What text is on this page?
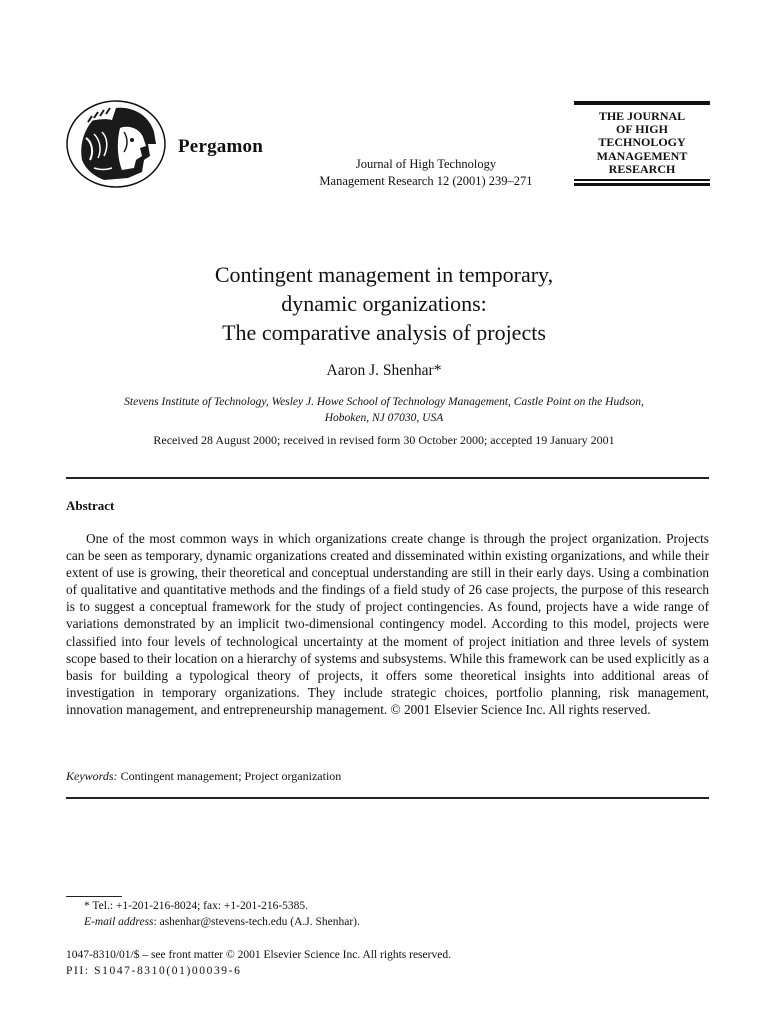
Pergamon
Journal of High Technology
Management Research 12 (2001) 239–271
THE JOURNAL
OF HIGH
TECHNOLOGY
MANAGEMENT
RESEARCH
Contingent management in temporary,
dynamic organizations:
The comparative analysis of projects
Aaron J. Shenhar*
Stevens Institute of Technology, Wesley J. Howe School of Technology Management, Castle Point on the Hudson,
Hoboken, NJ 07030, USA
Received 28 August 2000; received in revised form 30 October 2000; accepted 19 January 2001
Abstract
One of the most common ways in which organizations create change is through the project organization. Projects can be seen as temporary, dynamic organizations created and disseminated within existing organizations, and while their extent of use is growing, their theoretical and conceptual understanding are still in their early days. Using a combination of qualitative and quantitative methods and the findings of a field study of 26 case projects, the purpose of this research is to suggest a conceptual framework for the study of project contingencies. As found, projects have a wide range of variations demonstrated by an implicit two-dimensional contingency model. According to this model, projects were classified into four levels of technological uncertainty at the moment of project initiation and three levels of system scope based to their location on a hierarchy of systems and subsystems. While this framework can be used explicitly as a basis for building a typological theory of projects, it offers some theoretical insights into additional areas of investigation in temporary organizations. They include strategic choices, portfolio planning, risk management, innovation management, and entrepreneurship management. © 2001 Elsevier Science Inc. All rights reserved.
Keywords: Contingent management; Project organization
* Tel.: +1-201-216-8024; fax: +1-201-216-5385.
E-mail address: ashenhar@stevens-tech.edu (A.J. Shenhar).
1047-8310/01/$ – see front matter © 2001 Elsevier Science Inc. All rights reserved.
PII: S1047-8310(01)00039-6
